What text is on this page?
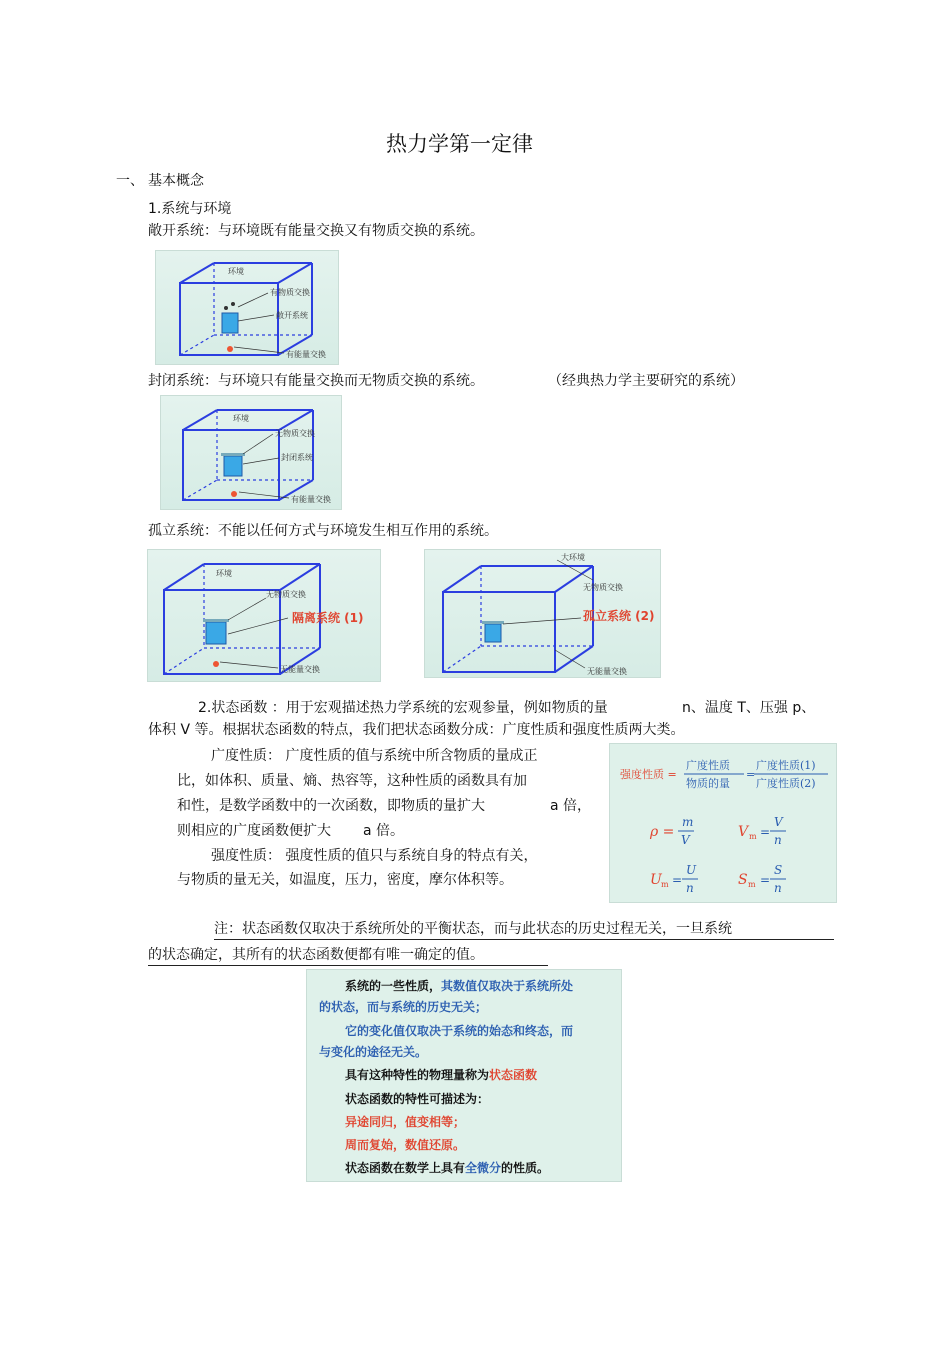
热力学第一定律
一、 基本概念
1.系统与环境
敞开系统：与环境既有能量交换又有物质交换的系统。
环境
有物质交换
敞开系统
有能量交换
封闭系统：与环境只有能量交换而无物质交换的系统。	（经典热力学主要研究的系统）
环境
无物质交换
封闭系统
有能量交换
孤立系统：不能以任何方式与环境发生相互作用的系统。
环境
无物质交换
隔离系统 (1)
无能量交换
大环境
无物质交换
孤立系统 (2)
无能量交换
2.状态函数 ：用于宏观描述热力学系统的宏观参量，例如物质的量	n、温度 T、压强 p、
体积 V 等。根据状态函数的特点，我们把状态函数分成：广度性质和强度性质两大类。
广度性质： 广度性质的值与系统中所含物质的量成正
比，如体积、质量、熵、热容等，这种性质的函数具有加
和性，是数学函数中的一次函数，即物质的量扩大	a 倍，
则相应的广度函数便扩大 a 倍。
强度性质： 强度性质的值只与系统自身的特点有关，
与物质的量无关，如温度，压力，密度，摩尔体积等。
强度性质 =
广度性质
物质的量
=
广度性质(1)
广度性质(2)
ρ =
m
V	V m =
V
n
U m =
U
n	S m =
S
n
注：状态函数仅取决于系统所处的平衡状态，而与此状态的历史过程无关，一旦系统
的状态确定，其所有的状态函数便都有唯一确定的值。
系统的一些性质，其数值仅取决于系统所处
的状态，而与系统的历史无关；
它的变化值仅取决于系统的始态和终态，而
与变化的途径无关。
具有这种特性的物理量称为状态函数
状态函数的特性可描述为：
异途同归，值变相等；
周而复始，数值还原。
状态函数在数学上具有全微分的性质。
